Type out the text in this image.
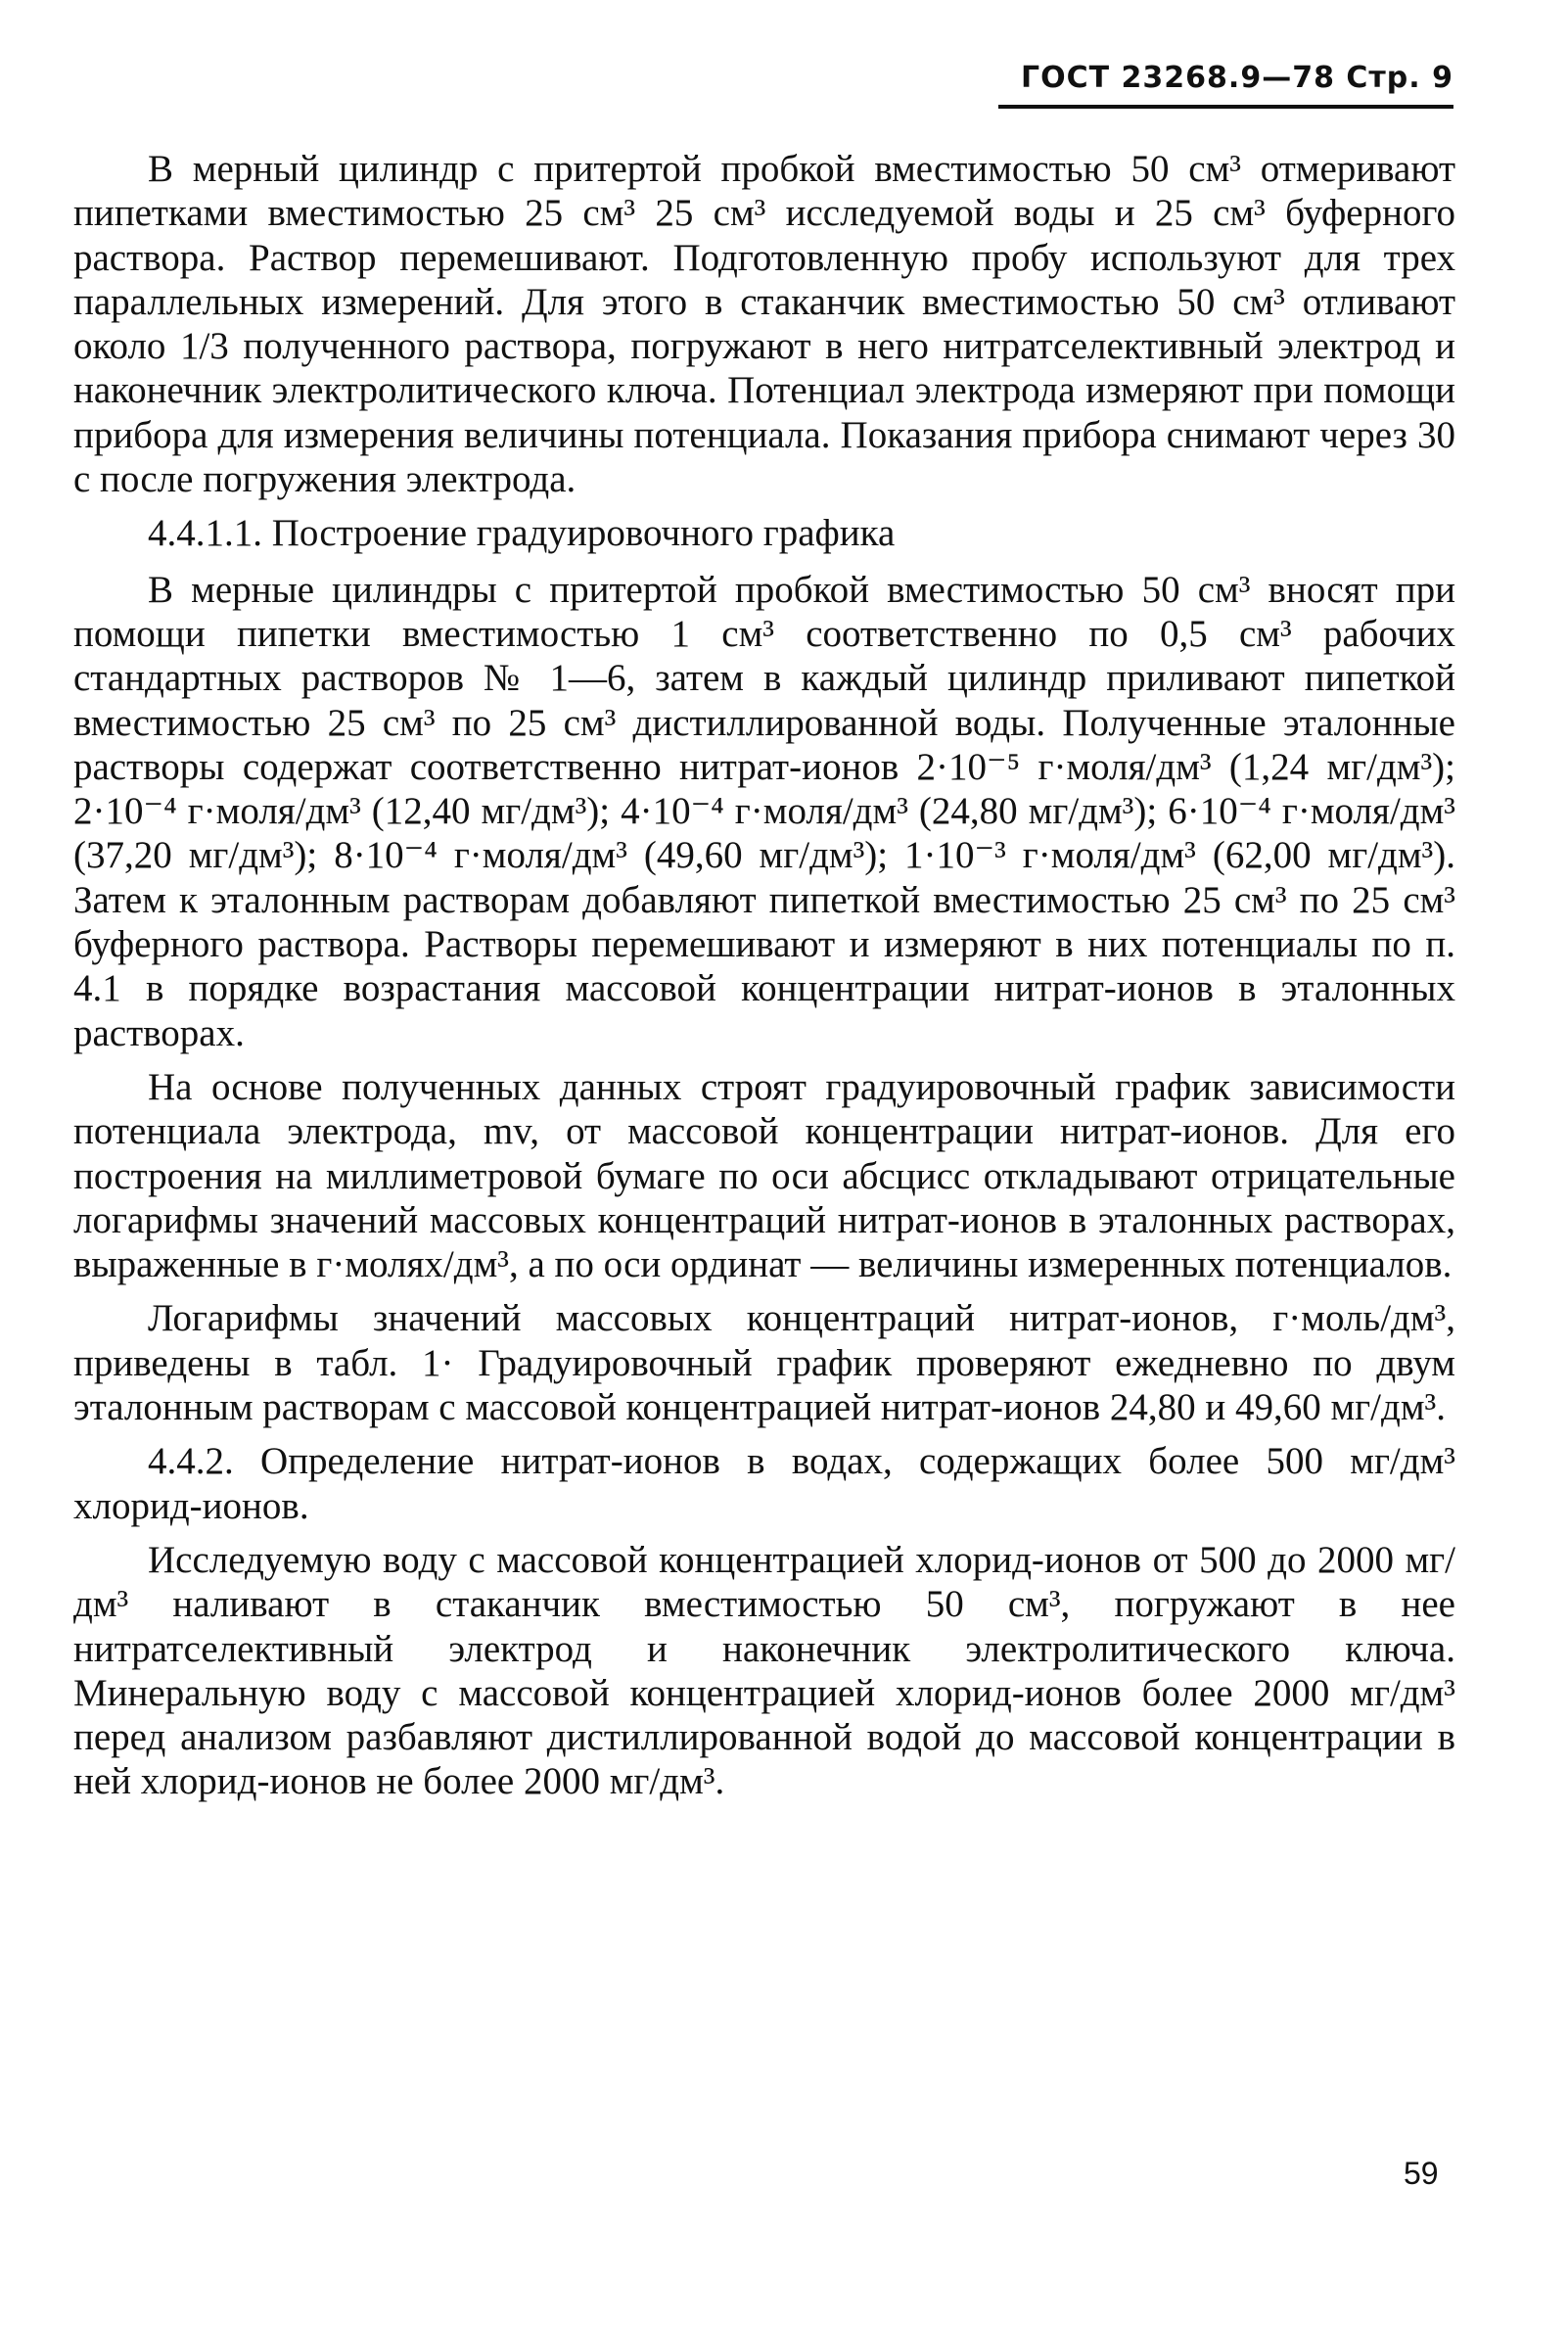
ГОСТ 23268.9—78 Стр. 9

В мерный цилиндр с притертой пробкой вместимостью 50 см³ отмеривают пипетками вместимостью 25 см³ 25 см³ исследуемой воды и 25 см³ буферного раствора. Раствор перемешивают. Подготовленную пробу используют для трех параллельных измерений. Для этого в стаканчик вместимостью 50 см³ отливают около 1/3 полученного раствора, погружают в него нитратселективный электрод и наконечник электролитического ключа. Потенциал электрода измеряют при помощи прибора для измерения величины потенциала. Показания прибора снимают через 30 с после погружения электрода.

4.4.1.1. Построение градуировочного графика

В мерные цилиндры с притертой пробкой вместимостью 50 см³ вносят при помощи пипетки вместимостью 1 см³ соответственно по 0,5 см³ рабочих стандартных растворов № 1—6, затем в каждый цилиндр приливают пипеткой вместимостью 25 см³ по 25 см³ дистиллированной воды. Полученные эталонные растворы содержат соответственно нитрат-ионов 2·10⁻⁵ г·моля/дм³ (1,24 мг/дм³); 2·10⁻⁴ г·моля/дм³ (12,40 мг/дм³); 4·10⁻⁴ г·моля/дм³ (24,80 мг/дм³); 6·10⁻⁴ г·моля/дм³ (37,20 мг/дм³); 8·10⁻⁴ г·моля/дм³ (49,60 мг/дм³); 1·10⁻³ г·моля/дм³ (62,00 мг/дм³). Затем к эталонным растворам добавляют пипеткой вместимостью 25 см³ по 25 см³ буферного раствора. Растворы перемешивают и измеряют в них потенциалы по п. 4.1 в порядке возрастания массовой концентрации нитрат-ионов в эталонных растворах.

На основе полученных данных строят градуировочный график зависимости потенциала электрода, mv, от массовой концентрации нитрат-ионов. Для его построения на миллиметровой бумаге по оси абсцисс откладывают отрицательные логарифмы значений массовых концентраций нитрат-ионов в эталонных растворах, выраженные в г·молях/дм³, а по оси ординат — величины измеренных потенциалов.

Логарифмы значений массовых концентраций нитрат-ионов, г·моль/дм³, приведены в табл. 1· Градуировочный график проверяют ежедневно по двум эталонным растворам с массовой концентрацией нитрат-ионов 24,80 и 49,60 мг/дм³.

4.4.2. Определение нитрат-ионов в водах, содержащих более 500 мг/дм³ хлорид-ионов.

Исследуемую воду с массовой концентрацией хлорид-ионов от 500 до 2000 мг/дм³ наливают в стаканчик вместимостью 50 см³, погружают в нее нитратселективный электрод и наконечник электролитического ключа. Минеральную воду с массовой концентрацией хлорид-ионов более 2000 мг/дм³ перед анализом разбавляют дистиллированной водой до массовой концентрации в ней хлорид-ионов не более 2000 мг/дм³.

59
